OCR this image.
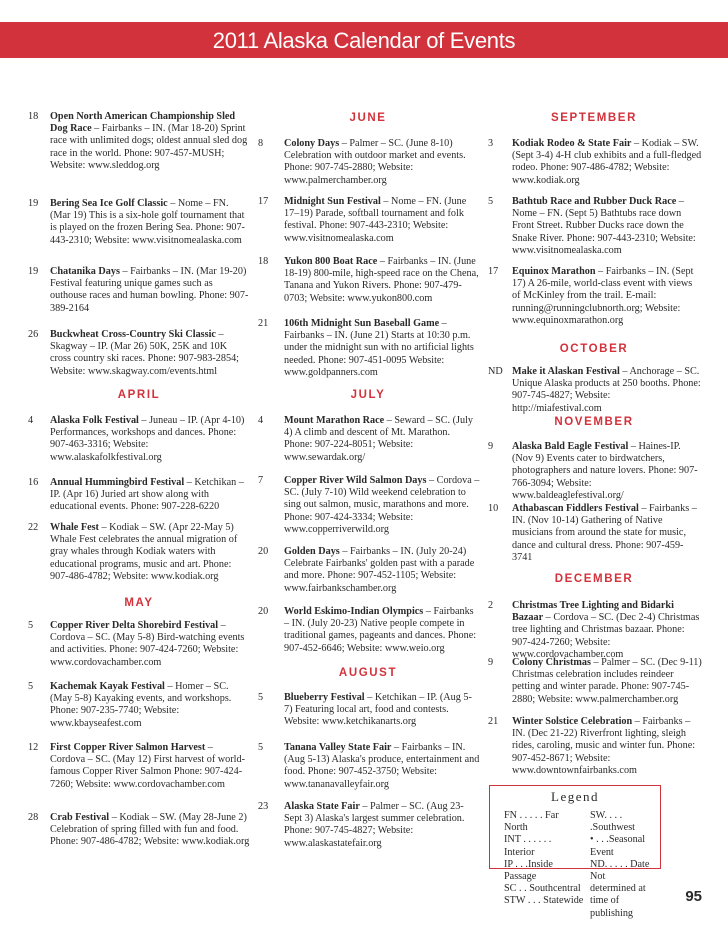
2011 Alaska Calendar of Events
18 Open North American Championship Sled Dog Race – Fairbanks – IN. (Mar 18-20) Sprint race with unlimited dogs; oldest annual sled dog race in the world. Phone: 907-457-MUSH; Website: www.sleddog.org
19 Bering Sea Ice Golf Classic – Nome – FN. (Mar 19) This is a six-hole golf tournament that is played on the frozen Bering Sea. Phone: 907-443-2310; Website: www.visitnomealaska.com
19 Chatanika Days – Fairbanks – IN. (Mar 19-20) Festival featuring unique games such as outhouse races and human bowling. Phone: 907-389-2164
26 Buckwheat Cross-Country Ski Classic – Skagway – IP. (Mar 26) 50K, 25K and 10K cross country ski races. Phone: 907-983-2854; Website: www.skagway.com/events.html
APRIL
4 Alaska Folk Festival – Juneau – IP. (Apr 4-10) Performances, workshops and dances. Phone: 907-463-3316; Website: www.alaskafolkfestival.org
16 Annual Hummingbird Festival – Ketchikan – IP. (Apr 16) Juried art show along with educational events. Phone: 907-228-6220
22 Whale Fest – Kodiak – SW. (Apr 22-May 5) Whale Fest celebrates the annual migration of gray whales through Kodiak waters with educational programs, music and art. Phone: 907-486-4782; Website: www.kodiak.org
MAY
5 Copper River Delta Shorebird Festival – Cordova – SC. (May 5-8) Bird-watching events and activities. Phone: 907-424-7260; Website: www.cordovachamber.com
5 Kachemak Kayak Festival – Homer – SC. (May 5-8) Kayaking events, and workshops. Phone: 907-235-7740; Website: www.kbayseafest.com
12 First Copper River Salmon Harvest – Cordova – SC. (May 12) First harvest of world-famous Copper River Salmon Phone: 907-424-7260; Website: www.cordovachamber.com
28 Crab Festival – Kodiak – SW. (May 28-June 2) Celebration of spring filled with fun and food. Phone: 907-486-4782; Website: www.kodiak.org
JUNE
8 Colony Days – Palmer – SC. (June 8-10) Celebration with outdoor market and events. Phone: 907-745-2880; Website: www.palmerchamber.org
17 Midnight Sun Festival – Nome – FN. (June 17–19) Parade, softball tournament and folk festival. Phone: 907-443-2310; Website: www.visitnomealaska.com
18 Yukon 800 Boat Race – Fairbanks – IN. (June 18-19) 800-mile, high-speed race on the Chena, Tanana and Yukon Rivers. Phone: 907-479-0703; Website: www.yukon800.com
21 106th Midnight Sun Baseball Game – Fairbanks – IN. (June 21) Starts at 10:30 p.m. under the midnight sun with no artificial lights needed. Phone: 907-451-0095 Website: www.goldpanners.com
JULY
4 Mount Marathon Race – Seward – SC. (July 4) A climb and descent of Mt. Marathon. Phone: 907-224-8051; Website: www.sewardak.org/
7 Copper River Wild Salmon Days – Cordova – SC. (July 7-10) Wild weekend celebration to sing out salmon, music, marathons and more. Phone: 907-424-3334; Website: www.copperriverwild.org
20 Golden Days – Fairbanks – IN. (July 20-24) Celebrate Fairbanks' golden past with a parade and more. Phone: 907-452-1105; Website: www.fairbankschamber.org
20 World Eskimo-Indian Olympics – Fairbanks – IN. (July 20-23) Native people compete in traditional games, pageants and dances. Phone: 907-452-6646; Website: www.weio.org
AUGUST
5 Blueberry Festival – Ketchikan – IP. (Aug 5-7) Featuring local art, food and contests. Website: www.ketchikanarts.org
5 Tanana Valley State Fair – Fairbanks – IN. (Aug 5-13) Alaska's produce, entertainment and food. Phone: 907-452-3750; Website: www.tananavalleyfair.org
23 Alaska State Fair – Palmer – SC. (Aug 23-Sept 3) Alaska's largest summer celebration. Phone: 907-745-4827; Website: www.alaskastatefair.org
SEPTEMBER
3 Kodiak Rodeo & State Fair – Kodiak – SW. (Sept 3-4) 4-H club exhibits and a full-fledged rodeo. Phone: 907-486-4782; Website: www.kodiak.org
5 Bathtub Race and Rubber Duck Race – Nome – FN. (Sept 5) Bathtubs race down Front Street. Rubber Ducks race down the Snake River. Phone: 907-443-2310; Website: www.visitnomealaska.com
17 Equinox Marathon – Fairbanks – IN. (Sept 17) A 26-mile, world-class event with views of McKinley from the trail. E-mail: running@runningclubnorth.org; Website: www.equinoxmarathon.org
OCTOBER
ND Make it Alaskan Festival – Anchorage – SC. Unique Alaska products at 250 booths. Phone: 907-745-4827; Website: http://miafestival.com
NOVEMBER
9 Alaska Bald Eagle Festival – Haines-IP. (Nov 9) Events cater to birdwatchers, photographers and nature lovers. Phone: 907-766-3094; Website: www.baldeaglefestival.org/
10 Athabascan Fiddlers Festival – Fairbanks – IN. (Nov 10-14) Gathering of Native musicians from around the state for music, dance and cultural dress. Phone: 907-459-3741
DECEMBER
2 Christmas Tree Lighting and Bidarki Bazaar – Cordova – SC. (Dec 2-4) Christmas tree lighting and Christmas bazaar. Phone: 907-424-7260; Website: www.cordovachamber.com
9 Colony Christmas – Palmer – SC. (Dec 9-11) Christmas celebration includes reindeer petting and winter parade. Phone: 907-745-2880; Website: www.palmerchamber.org
21 Winter Solstice Celebration – Fairbanks – IN. (Dec 21-22) Riverfront lighting, sleigh rides, caroling, music and winter fun. Phone: 907-452-8671; Website: www.downtownfairbanks.com
Legend
FN . . . . . Far North
INT . . . . . . Interior
IP . . .Inside Passage
SC . . Southcentral
STW . . . Statewide
SW. . . . .Southwest
• . . .Seasonal Event
ND. . . . . Date Not
determined at time of
publishing
95
